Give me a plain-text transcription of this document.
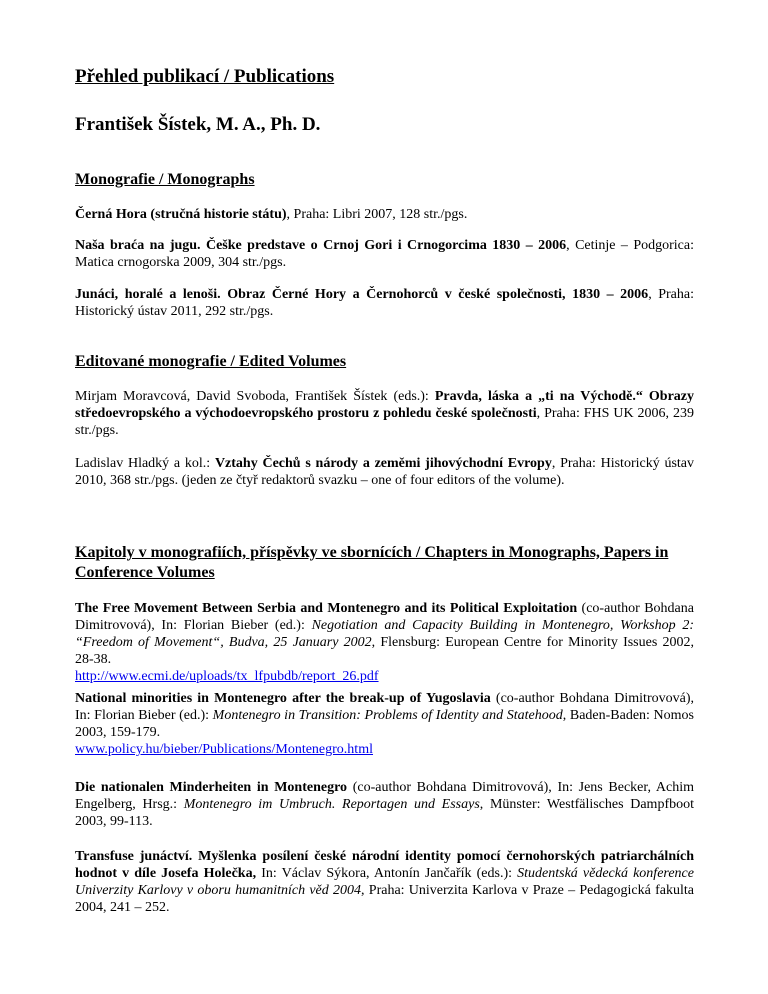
Přehled publikací / Publications
František Šístek, M. A., Ph. D.
Monografie / Monographs
Černá Hora (stručná historie státu), Praha: Libri 2007, 128 str./pgs.
Naša braća na jugu. Češke predstave o Crnoj Gori i Crnogorcima 1830 – 2006, Cetinje – Podgorica: Matica crnogorska 2009, 304 str./pgs.
Junáci, horalé a lenoši. Obraz Černé Hory a Černohorců v české společnosti, 1830 – 2006, Praha: Historický ústav 2011, 292 str./pgs.
Editované monografie / Edited Volumes
Mirjam Moravcová, David Svoboda, František Šístek (eds.): Pravda, láska a „ti na Východě.“ Obrazy středoevropského a východoevropského prostoru z pohledu české společnosti, Praha: FHS UK 2006, 239 str./pgs.
Ladislav Hladký a kol.: Vztahy Čechů s národy a zeměmi jihovýchodní Evropy, Praha: Historický ústav 2010, 368 str./pgs. (jeden ze čtyř redaktorů svazku – one of four editors of the volume).
Kapitoly v monografiích, příspěvky ve sbornících / Chapters in Monographs, Papers in Conference Volumes
The Free Movement Between Serbia and Montenegro and its Political Exploitation (co-author Bohdana Dimitrovová), In: Florian Bieber (ed.): Negotiation and Capacity Building in Montenegro, Workshop 2: “Freedom of Movement“, Budva, 25 January 2002, Flensburg: European Centre for Minority Issues 2002, 28-38.
http://www.ecmi.de/uploads/tx_lfpubdb/report_26.pdf
National minorities in Montenegro after the break-up of Yugoslavia (co-author Bohdana Dimitrovová), In: Florian Bieber (ed.): Montenegro in Transition: Problems of Identity and Statehood, Baden-Baden: Nomos 2003, 159-179.
www.policy.hu/bieber/Publications/Montenegro.html
Die nationalen Minderheiten in Montenegro (co-author Bohdana Dimitrovová), In: Jens Becker, Achim Engelberg, Hrsg.: Montenegro im Umbruch. Reportagen und Essays, Münster: Westfälisches Dampfboot 2003, 99-113.
Transfuse junáctví. Myšlenka posílení české národní identity pomocí černohorských patriarchálních hodnot v díle Josefa Holečka, In: Václav Sýkora, Antonín Jančařík (eds.): Studentská vědecká konference Univerzity Karlovy v oboru humanitních věd 2004, Praha: Univerzita Karlova v Praze – Pedagogická fakulta 2004, 241 – 252.
